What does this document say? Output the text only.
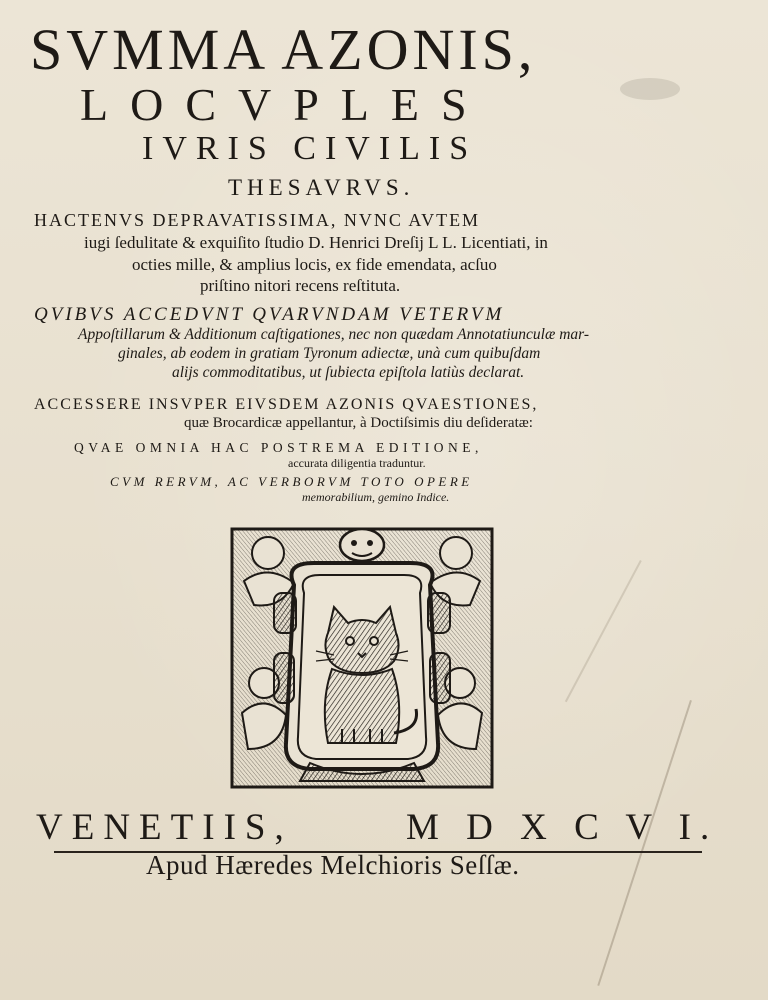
SVMMA AZONIS,
LOCVPLES
IVRIS CIVILIS
THESAVRVS.
HACTENVS DEPRAVATISSIMA, NVNC AVTEM
iugi ſedulitate & exquiſito ſtudio D. Henrici Dreſij L L. Licentiati, in
octies mille, & amplius locis, ex fide emendata, acſuo
priſtino nitori recens reſtituta.
QVIBVS ACCEDVNT QVARVNDAM VETERVM
Appoſtillarum & Additionum caſtigationes, nec non quædam Annotatiunculæ mar-
ginales, ab eodem in gratiam Tyronum adiectæ, unà cum quibuſdam
alijs commoditatibus, ut ſubiecta epiſtola latiùs declarat.
ACCESSERE INSVPER EIVSDEM AZONIS QVAESTIONES,
quæ Brocardicæ appellantur, à Doctiſsimis diu deſideratæ:
QVAE OMNIA HAC POSTREMA EDITIONE,
accurata diligentia traduntur.
CVM RERVM, AC VERBORVM TOTO OPERE
memorabilium, gemino Indice.
VENETIIS,	M D X C V I.
Apud Hæredes Melchioris Seſſæ.
